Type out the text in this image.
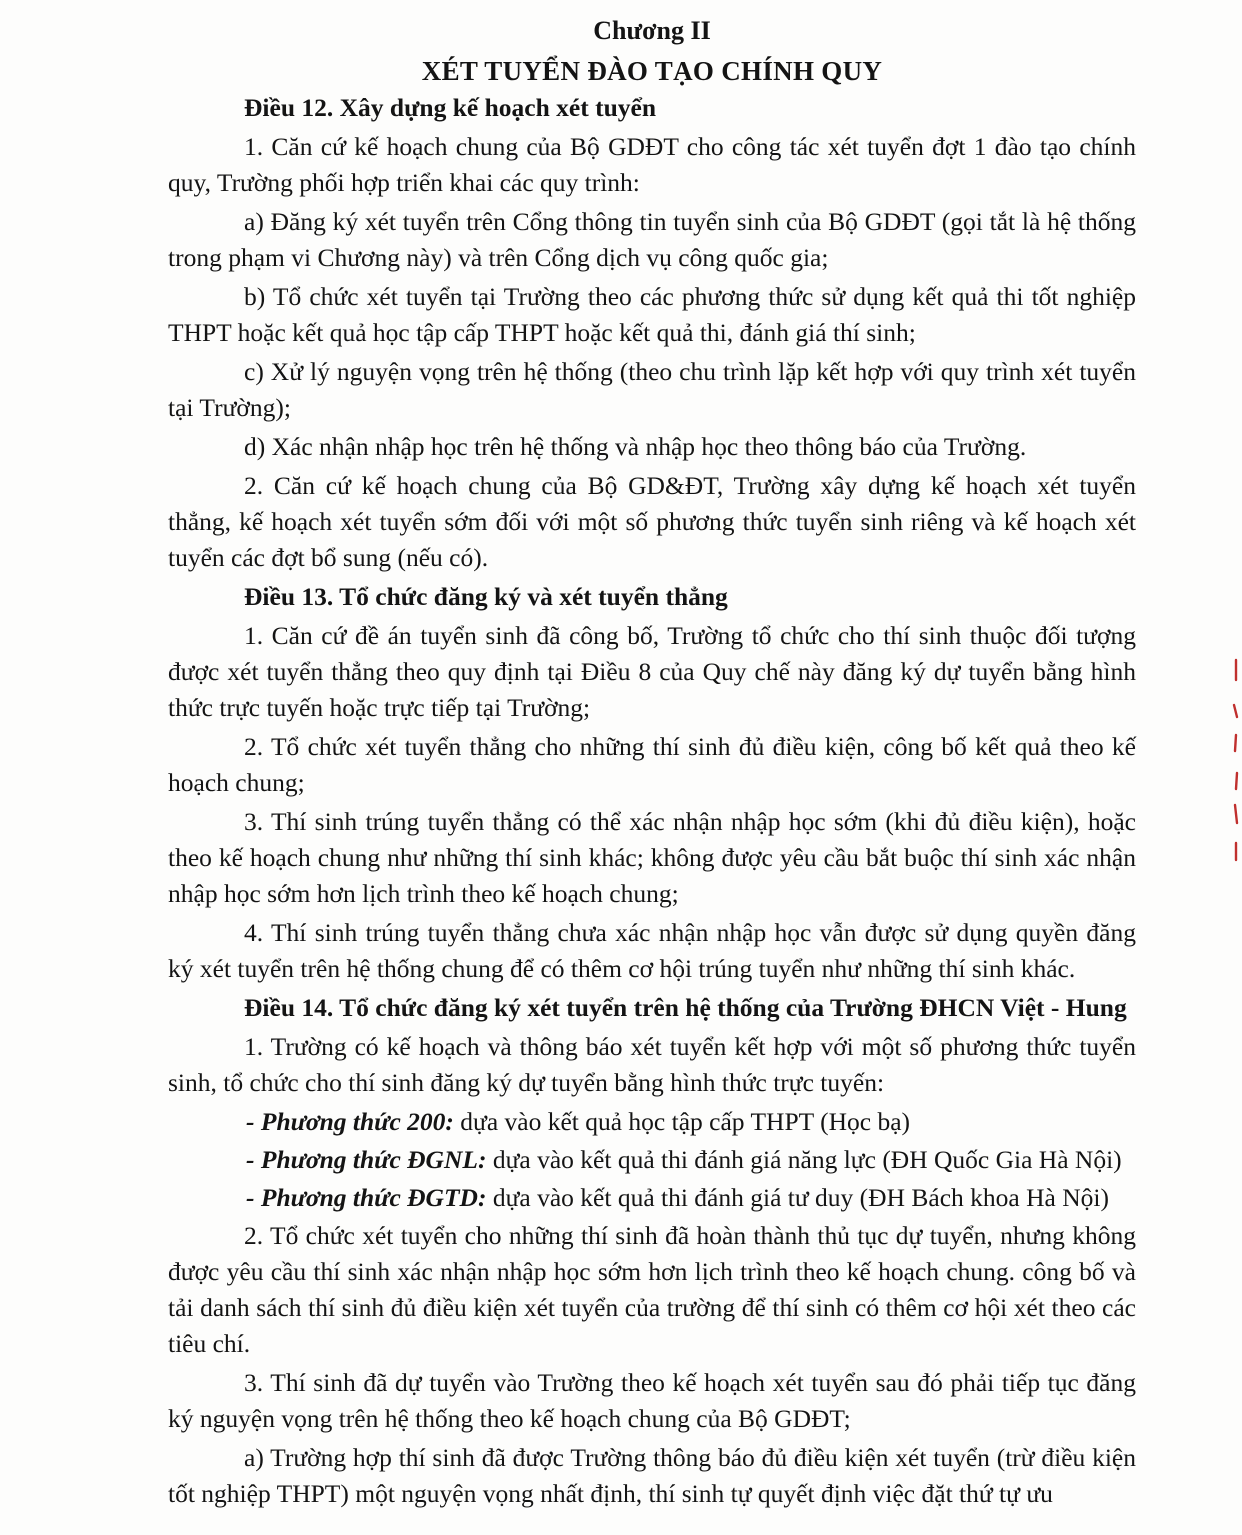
Chương II
XÉT TUYỂN ĐÀO TẠO CHÍNH QUY
Điều 12. Xây dựng kế hoạch xét tuyển

1. Căn cứ kế hoạch chung của Bộ GDĐT cho công tác xét tuyển đợt 1 đào tạo chính quy, Trường phối hợp triển khai các quy trình:

a) Đăng ký xét tuyển trên Cổng thông tin tuyển sinh của Bộ GDĐT (gọi tắt là hệ thống trong phạm vi Chương này) và trên Cổng dịch vụ công quốc gia;

b) Tổ chức xét tuyển tại Trường theo các phương thức sử dụng kết quả thi tốt nghiệp THPT hoặc kết quả học tập cấp THPT hoặc kết quả thi, đánh giá thí sinh;

c) Xử lý nguyện vọng trên hệ thống (theo chu trình lặp kết hợp với quy trình xét tuyển tại Trường);

d) Xác nhận nhập học trên hệ thống và nhập học theo thông báo của Trường.

2. Căn cứ kế hoạch chung của Bộ GD&ĐT, Trường xây dựng kế hoạch xét tuyển thẳng, kế hoạch xét tuyển sớm đối với một số phương thức tuyển sinh riêng và kế hoạch xét tuyển các đợt bổ sung (nếu có).

Điều 13. Tổ chức đăng ký và xét tuyển thẳng

1. Căn cứ đề án tuyển sinh đã công bố, Trường tổ chức cho thí sinh thuộc đối tượng được xét tuyển thẳng theo quy định tại Điều 8 của Quy chế này đăng ký dự tuyển bằng hình thức trực tuyến hoặc trực tiếp tại Trường;

2. Tổ chức xét tuyển thẳng cho những thí sinh đủ điều kiện, công bố kết quả theo kế hoạch chung;

3. Thí sinh trúng tuyển thẳng có thể xác nhận nhập học sớm (khi đủ điều kiện), hoặc theo kế hoạch chung như những thí sinh khác; không được yêu cầu bắt buộc thí sinh xác nhận nhập học sớm hơn lịch trình theo kế hoạch chung;

4. Thí sinh trúng tuyển thẳng chưa xác nhận nhập học vẫn được sử dụng quyền đăng ký xét tuyển trên hệ thống chung để có thêm cơ hội trúng tuyển như những thí sinh khác.

Điều 14. Tổ chức đăng ký xét tuyển trên hệ thống của Trường ĐHCN Việt - Hung

1. Trường có kế hoạch và thông báo xét tuyển kết hợp với một số phương thức tuyển sinh, tổ chức cho thí sinh đăng ký dự tuyển bằng hình thức trực tuyến:

- Phương thức 200: dựa vào kết quả học tập cấp THPT (Học bạ)
- Phương thức ĐGNL: dựa vào kết quả thi đánh giá năng lực (ĐH Quốc Gia Hà Nội)
- Phương thức ĐGTD: dựa vào kết quả thi đánh giá tư duy (ĐH Bách khoa Hà Nội)

2. Tổ chức xét tuyển cho những thí sinh đã hoàn thành thủ tục dự tuyển, nhưng không được yêu cầu thí sinh xác nhận nhập học sớm hơn lịch trình theo kế hoạch chung. công bố và tải danh sách thí sinh đủ điều kiện xét tuyển của trường để thí sinh có thêm cơ hội xét theo các tiêu chí.

3. Thí sinh đã dự tuyển vào Trường theo kế hoạch xét tuyển sau đó phải tiếp tục đăng ký nguyện vọng trên hệ thống theo kế hoạch chung của Bộ GDĐT;

a) Trường hợp thí sinh đã được Trường thông báo đủ điều kiện xét tuyển (trừ điều kiện tốt nghiệp THPT) một nguyện vọng nhất định, thí sinh tự quyết định việc đặt thứ tự ưu
